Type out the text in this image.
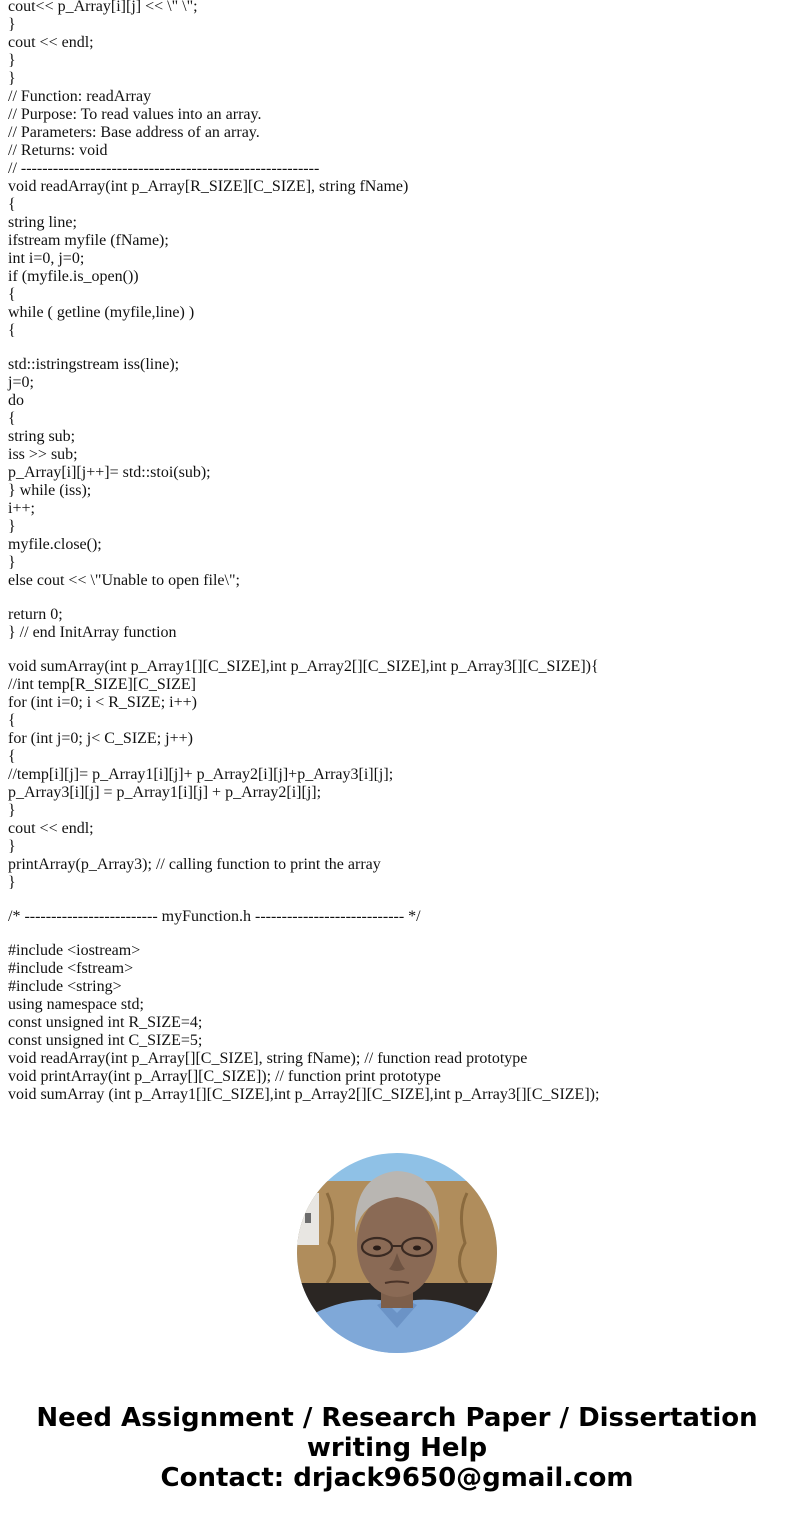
cout<< p_Array[i][j] << \" \";
}
cout << endl;
}
}
// Function: readArray
// Purpose: To read values into an array.
// Parameters: Base address of an array.
// Returns: void
// --------------------------------------------------------
void readArray(int p_Array[R_SIZE][C_SIZE], string fName)
{
string line;
ifstream myfile (fName);
int i=0, j=0;
if (myfile.is_open())
{
while ( getline (myfile,line) )
{
std::istringstream iss(line);
j=0;
do
{
string sub;
iss >> sub;
p_Array[i][j++]= std::stoi(sub);
} while (iss);
i++;
}
myfile.close();
}
else cout << \"Unable to open file\";
return 0;
} // end InitArray function
void sumArray(int p_Array1[][C_SIZE],int p_Array2[][C_SIZE],int p_Array3[][C_SIZE]){
//int temp[R_SIZE][C_SIZE]
for (int i=0; i < R_SIZE; i++)
{
for (int j=0; j< C_SIZE; j++)
{
//temp[i][j]= p_Array1[i][j]+ p_Array2[i][j]+p_Array3[i][j];
p_Array3[i][j] = p_Array1[i][j] + p_Array2[i][j];
}
cout << endl;
}
printArray(p_Array3); // calling function to print the array
}
/* ------------------------- myFunction.h ---------------------------- */
#include <iostream>
#include <fstream>
#include <string>
using namespace std;
const unsigned int R_SIZE=4;
const unsigned int C_SIZE=5;
void readArray(int p_Array[][C_SIZE], string fName); // function read prototype
void printArray(int p_Array[][C_SIZE]); // function print prototype
void sumArray (int p_Array1[][C_SIZE],int p_Array2[][C_SIZE],int p_Array3[][C_SIZE]);
Need Assignment / Research Paper / Dissertation
writing Help
Contact: drjack9650@gmail.com
